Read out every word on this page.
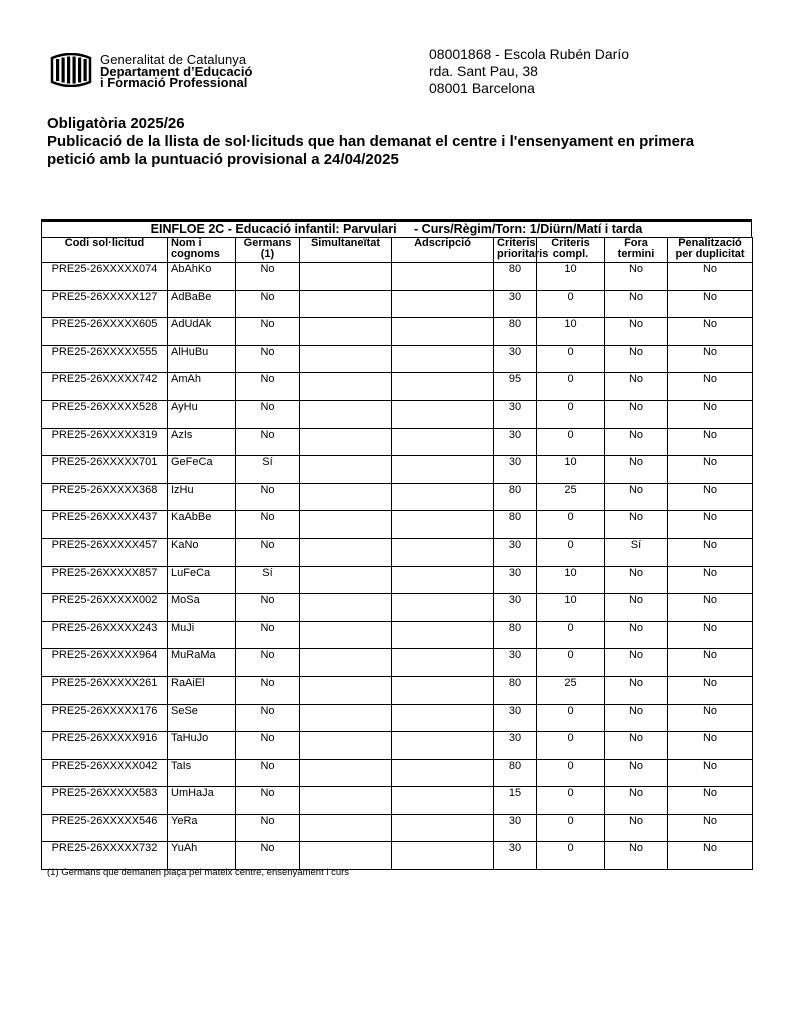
Generalitat de Catalunya
Departament d’Educació
i Formació Professional
08001868 - Escola Rubén Darío
rda. Sant Pau, 38
08001 Barcelona
Obligatòria 2025/26
Publicació de la llista de sol·licituds que han demanat el centre i l'ensenyament en primera
petició amb la puntuació provisional a 24/04/2025
EINFLOE 2C - Educació infantil: Parvulari - Curs/Règim/Torn: 1/Diürn/Matí i tarda
Codi sol·licitud	Nom i cognoms	Germans (1)	Simultaneïtat	Adscripció	Criteris prioritaris	Criteris compl.	Fora termini	Penalització per duplicitat
PRE25-26XXXXX074	AbAhKo	No			80	10	No	No
PRE25-26XXXXX127	AdBaBe	No			30	0	No	No
PRE25-26XXXXX605	AdUdAk	No			80	10	No	No
PRE25-26XXXXX555	AlHuBu	No			30	0	No	No
PRE25-26XXXXX742	AmAh	No			95	0	No	No
PRE25-26XXXXX528	AyHu	No			30	0	No	No
PRE25-26XXXXX319	AzIs	No			30	0	No	No
PRE25-26XXXXX701	GeFeCa	Sí			30	10	No	No
PRE25-26XXXXX368	IzHu	No			80	25	No	No
PRE25-26XXXXX437	KaAbBe	No			80	0	No	No
PRE25-26XXXXX457	KaNo	No			30	0	Sí	No
PRE25-26XXXXX857	LuFeCa	Sí			30	10	No	No
PRE25-26XXXXX002	MoSa	No			30	10	No	No
PRE25-26XXXXX243	MuJi	No			80	0	No	No
PRE25-26XXXXX964	MuRaMa	No			30	0	No	No
PRE25-26XXXXX261	RaAiEl	No			80	25	No	No
PRE25-26XXXXX176	SeSe	No			30	0	No	No
PRE25-26XXXXX916	TaHuJo	No			30	0	No	No
PRE25-26XXXXX042	TaIs	No			80	0	No	No
PRE25-26XXXXX583	UmHaJa	No			15	0	No	No
PRE25-26XXXXX546	YeRa	No			30	0	No	No
PRE25-26XXXXX732	YuAh	No			30	0	No	No
(1) Germans que demanen plaça pel mateix centre, ensenyament i curs
